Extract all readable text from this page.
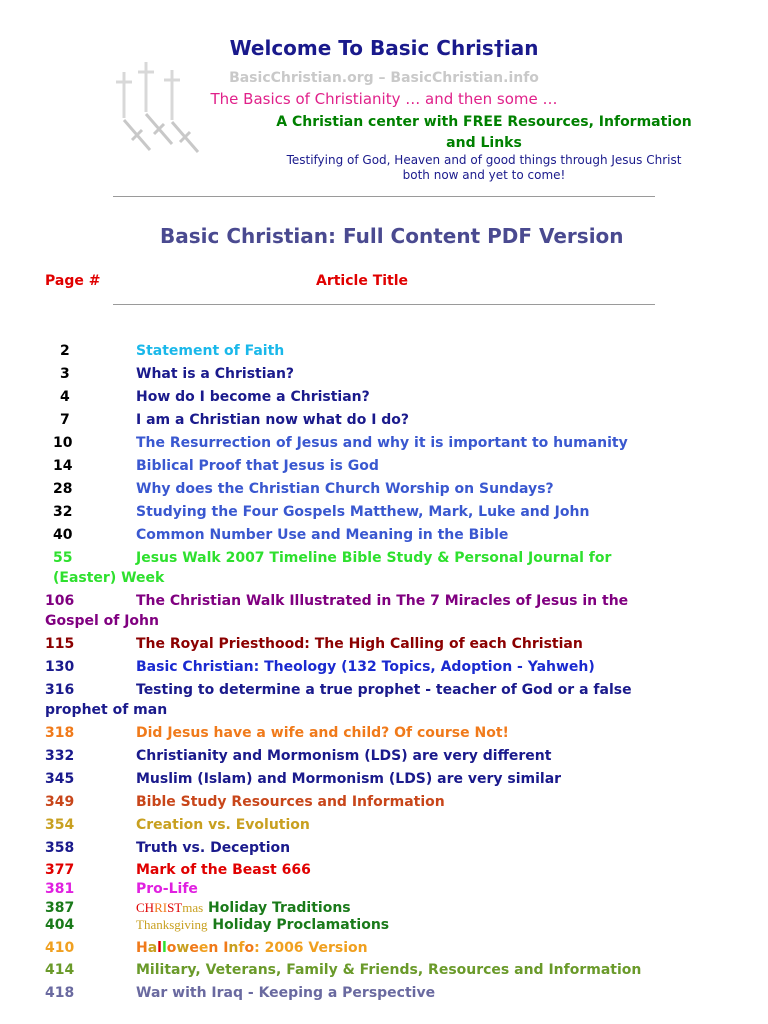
Welcome To Basic Chris†ian
BasicChristian.org – BasicChristian.info
The Basics of Christianity … and then some …
A Christian center with FREE Resources, Information
and Links
Testifying of God, Heaven and of good things through Jesus Christ
both now and yet to come!
Basic Christian: Full Content PDF Version
Page #	Article Title
2	Statement of Faith
3	What is a Christian?
4	How do I become a Christian?
7	I am a Christian now what do I do?
10	The Resurrection of Jesus and why it is important to humanity
14	Biblical Proof that Jesus is God
28	Why does the Christian Church Worship on Sundays?
32	Studying the Four Gospels Matthew, Mark, Luke and John
40	Common Number Use and Meaning in the Bible
55	Jesus Walk 2007 Timeline Bible Study & Personal Journal for
(Easter) Week
106	The Christian Walk Illustrated in The 7 Miracles of Jesus in the
Gospel of John
115	The Royal Priesthood: The High Calling of each Christian
130	Basic Christian: Theology (132 Topics, Adoption - Yahweh)
316	Testing to determine a true prophet - teacher of God or a false
prophet of man
318	Did Jesus have a wife and child? Of course Not!
332	Christianity and Mormonism (LDS) are very different
345	Muslim (Islam) and Mormonism (LDS) are very similar
349	Bible Study Resources and Information
354	Creation vs. Evolution
358	Truth vs. Deception
377	Mark of the Beast 666
381	Pro-Life
387	CHRISTmas Holiday Traditions
404	Thanksgiving Holiday Proclamations
410	Halloween Info: 2006 Version
414	Military, Veterans, Family & Friends, Resources and Information
418	War with Iraq - Keeping a Perspective
